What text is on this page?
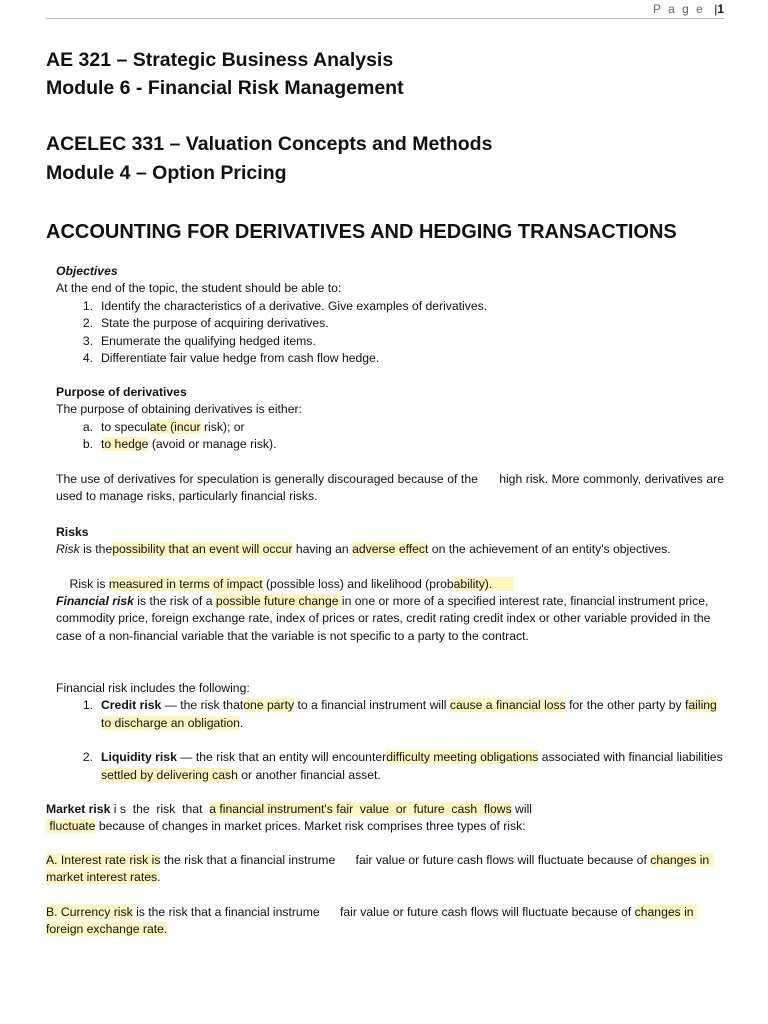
P a g e |1
AE 321 – Strategic Business Analysis
Module 6 - Financial Risk Management
ACELEC 331 – Valuation Concepts and Methods
Module 4 – Option Pricing
ACCOUNTING FOR DERIVATIVES AND HEDGING TRANSACTIONS
Objectives
At the end of the topic, the student should be able to:
1. Identify the characteristics of a derivative. Give examples of derivatives.
2. State the purpose of acquiring derivatives.
3. Enumerate the qualifying hedged items.
4. Differentiate fair value hedge from cash flow hedge.
Purpose of derivatives
The purpose of obtaining derivatives is either:
a. to speculate (incur risk); or
b. to hedge (avoid or manage risk).

The use of derivatives for speculation is generally discouraged because of the      high risk. More commonly, derivatives are used to manage risks, particularly financial risks.

Risks
Risk is thepossibility that an event will occur having an adverse effect on the achievement of an entity's objectives.

Risk is measured in terms of impact (possible loss) and likelihood (probability).

Financial risk is the risk of a possible future change in one or more of a specified interest rate, financial instrument price, commodity price, foreign exchange rate, index of prices or rates, credit rating credit index or other variable provided in the case of a non-financial variable that the variable is not specific to a party to the contract.

Financial risk includes the following:
1. Credit risk — the risk thatone party to a financial instrument will cause a financial loss for the other party by failing to discharge an obligation.
2. Liquidity risk — the risk that an entity will encounterdifficulty meeting obligations associated with financial liabilities settled by delivering cash or another financial asset.

Market risk i s  the  risk  that  a financial instrument's fair  value  or  future  cash  flows will
fluctuate because of changes in market prices. Market risk comprises three types of risk:

A. Interest rate risk is the risk that a financial instrume      fair value or future cash flows will fluctuate because of changes in market interest rates.

B. Currency risk is the risk that a financial instrume      fair value or future cash flows will fluctuate because of changes in foreign exchange rate.
